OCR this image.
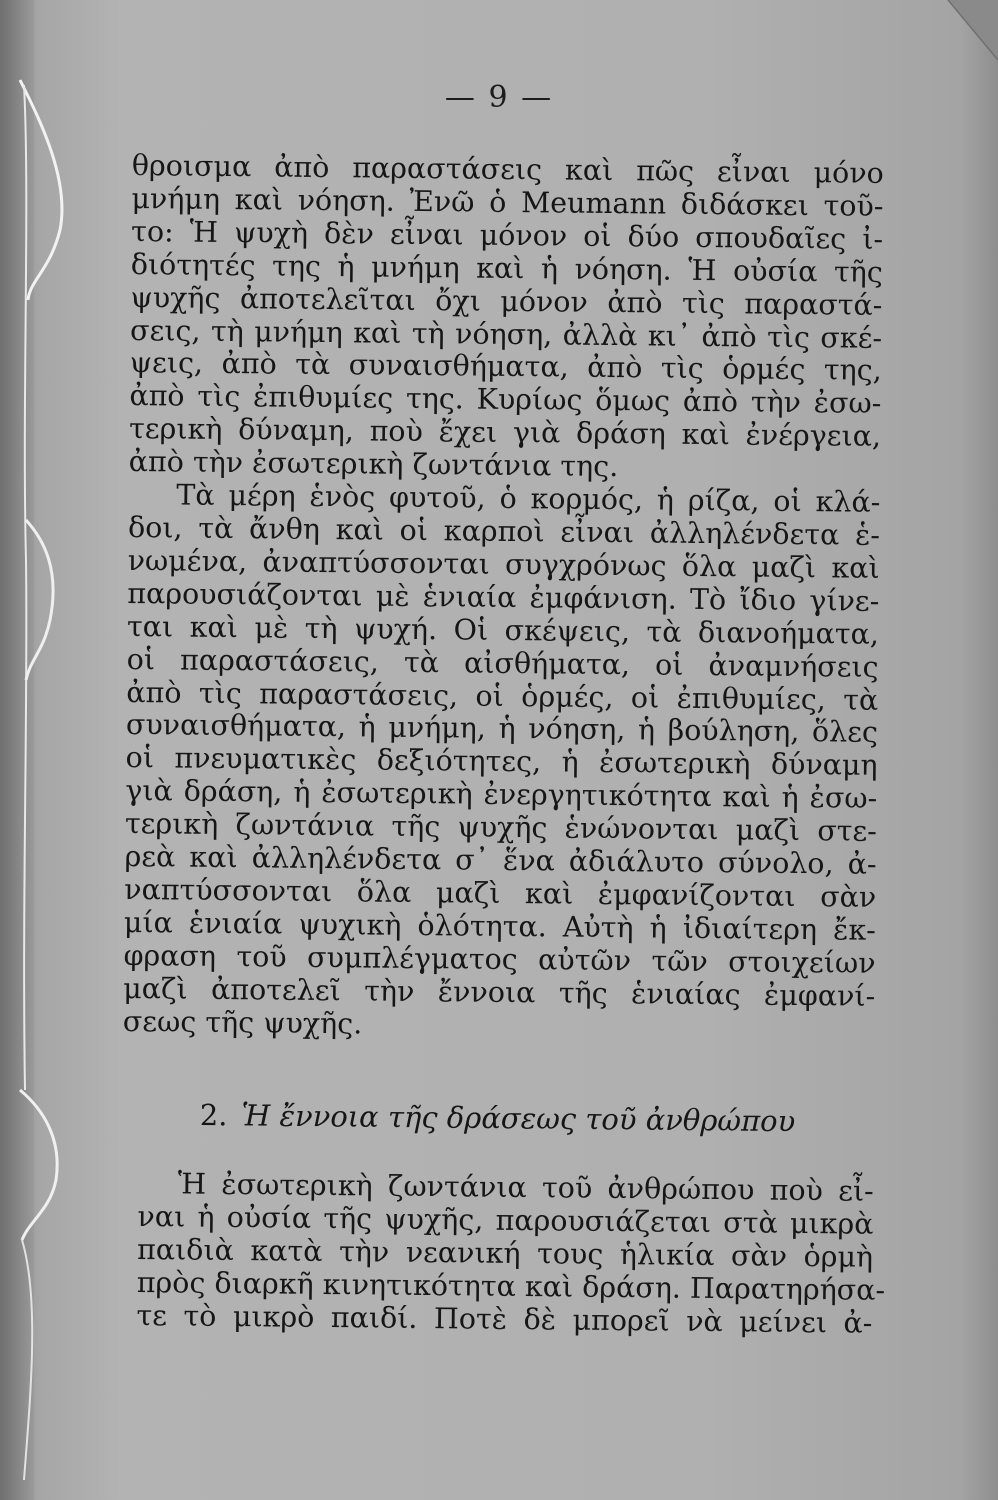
— 9 —
θροισμα ἀπὸ παραστάσεις καὶ πῶς εἶναι μόνο
μνήμη καὶ νόηση. Ἐνῶ ὁ Meumann διδάσκει τοῦ-
το: Ἡ ψυχὴ δὲν εἶναι μόνον οἱ δύο σπουδαῖες ἰ-
διότητές της ἡ μνήμη καὶ ἡ νόηση. Ἡ οὐσία τῆς
ψυχῆς ἀποτελεῖται ὄχι μόνον ἀπὸ τὶς παραστά-
σεις, τὴ μνήμη καὶ τὴ νόηση, ἀλλὰ κι᾿ ἀπὸ τὶς σκέ-
ψεις, ἀπὸ τὰ συναισθήματα, ἀπὸ τὶς ὁρμές της,
ἀπὸ τὶς ἐπιθυμίες της. Κυρίως ὅμως ἀπὸ τὴν ἐσω-
τερικὴ δύναμη, ποὺ ἔχει γιὰ δράση καὶ ἐνέργεια,
ἀπὸ τὴν ἐσωτερικὴ ζωντάνια της.
Τὰ μέρη ἑνὸς φυτοῦ, ὁ κορμός, ἡ ρίζα, οἱ κλά-
δοι, τὰ ἄνθη καὶ οἱ καρποὶ εἶναι ἀλληλένδετα ἑ-
νωμένα, ἀναπτύσσονται συγχρόνως ὅλα μαζὶ καὶ
παρουσιάζονται μὲ ἑνιαία ἐμφάνιση. Τὸ ἴδιο γίνε-
ται καὶ μὲ τὴ ψυχή. Οἱ σκέψεις, τὰ διανοήματα,
οἱ παραστάσεις, τὰ αἰσθήματα, οἱ ἀναμνήσεις
ἀπὸ τὶς παραστάσεις, οἱ ὁρμές, οἱ ἐπιθυμίες, τὰ
συναισθήματα, ἡ μνήμη, ἡ νόηση, ἡ βούληση, ὅλες
οἱ πνευματικὲς δεξιότητες, ἡ ἐσωτερικὴ δύναμη
γιὰ δράση, ἡ ἐσωτερικὴ ἐνεργητικότητα καὶ ἡ ἐσω-
τερικὴ ζωντάνια τῆς ψυχῆς ἑνώνονται μαζὶ στε-
ρεὰ καὶ ἀλληλένδετα σ᾿ ἕνα ἀδιάλυτο σύνολο, ἀ-
ναπτύσσονται ὅλα μαζὶ καὶ ἐμφανίζονται σὰν
μία ἑνιαία ψυχικὴ ὁλότητα. Αὐτὴ ἡ ἰδιαίτερη ἔκ-
φραση τοῦ συμπλέγματος αὐτῶν τῶν στοιχείων
μαζὶ ἀποτελεῖ τὴν ἔννοια τῆς ἑνιαίας ἐμφανί-
σεως τῆς ψυχῆς.
2. Ἡ ἔννοια τῆς δράσεως τοῦ ἀνθρώπου
Ἡ ἐσωτερικὴ ζωντάνια τοῦ ἀνθρώπου ποὺ εἶ-
ναι ἡ οὐσία τῆς ψυχῆς, παρουσιάζεται στὰ μικρὰ
παιδιὰ κατὰ τὴν νεανική τους ἡλικία σὰν ὁρμὴ
πρὸς διαρκῆ κινητικότητα καὶ δράση. Παρατηρήσα-
τε τὸ μικρὸ παιδί. Ποτὲ δὲ μπορεῖ νὰ μείνει ἀ-
